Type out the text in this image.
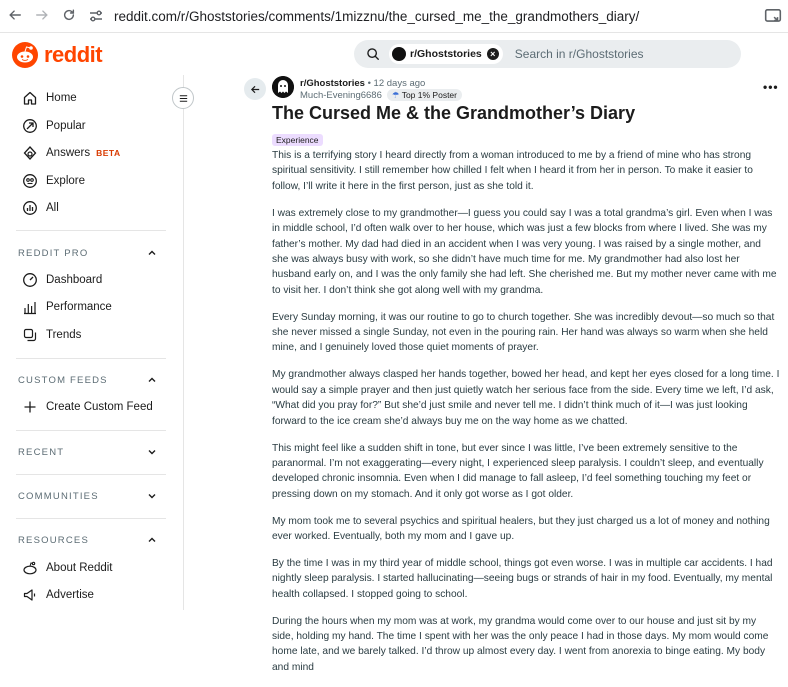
reddit.com/r/Ghoststories/comments/1mizznu/the_cursed_me_the_grandmothers_diary/
reddit	r/Ghoststories × Search in r/Ghoststories
Home
Popular
Answers BETA
Explore
All
REDDIT PRO
Dashboard
Performance
Trends
CUSTOM FEEDS
Create Custom Feed
RECENT
COMMUNITIES
RESOURCES
About Reddit
Advertise
r/Ghoststories • 12 days ago
Much-Evening6686	☂ Top 1% Poster
•••
The Cursed Me & the Grandmother’s Diary
Experience

This is a terrifying story I heard directly from a woman introduced to me by a friend of mine who has strong spiritual sensitivity. I still remember how chilled I felt when I heard it from her in person. To make it easier to follow, I’ll write it here in the first person, just as she told it.

I was extremely close to my grandmother—I guess you could say I was a total grandma’s girl. Even when I was in middle school, I’d often walk over to her house, which was just a few blocks from where I lived. She was my father’s mother. My dad had died in an accident when I was very young. I was raised by a single mother, and she was always busy with work, so she didn’t have much time for me. My grandmother had also lost her husband early on, and I was the only family she had left. She cherished me. But my mother never came with me to visit her. I don’t think she got along well with my grandma.

Every Sunday morning, it was our routine to go to church together. She was incredibly devout—so much so that she never missed a single Sunday, not even in the pouring rain. Her hand was always so warm when she held mine, and I genuinely loved those quiet moments of prayer.

My grandmother always clasped her hands together, bowed her head, and kept her eyes closed for a long time. I would say a simple prayer and then just quietly watch her serious face from the side. Every time we left, I’d ask, “What did you pray for?” But she’d just smile and never tell me. I didn’t think much of it—I was just looking forward to the ice cream she’d always buy me on the way home as we chatted.

This might feel like a sudden shift in tone, but ever since I was little, I’ve been extremely sensitive to the paranormal. I’m not exaggerating—every night, I experienced sleep paralysis. I couldn’t sleep, and eventually developed chronic insomnia. Even when I did manage to fall asleep, I’d feel something touching my feet or pressing down on my stomach. And it only got worse as I got older.

My mom took me to several psychics and spiritual healers, but they just charged us a lot of money and nothing ever worked. Eventually, both my mom and I gave up.

By the time I was in my third year of middle school, things got even worse. I was in multiple car accidents. I had nightly sleep paralysis. I started hallucinating—seeing bugs or strands of hair in my food. Eventually, my mental health collapsed. I stopped going to school.

During the hours when my mom was at work, my grandma would come over to our house and just sit by my side, holding my hand. The time I spent with her was the only peace I had in those days. My mom would come home late, and we barely talked. I’d throw up almost every day. I went from anorexia to binge eating. My body and mind
